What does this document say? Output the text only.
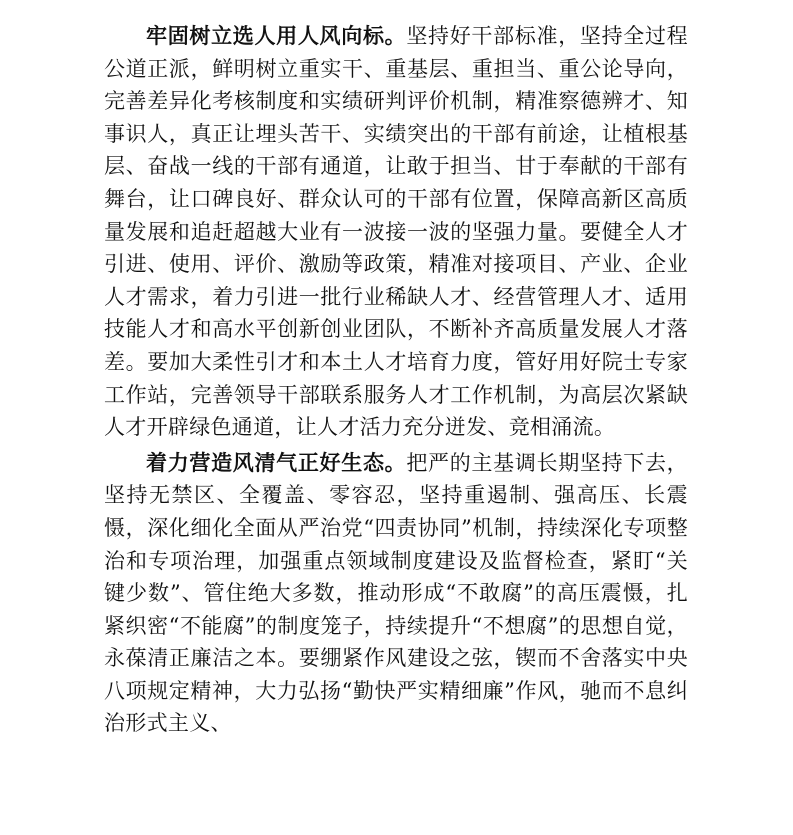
牢固树立选人用人风向标。坚持好干部标准，坚持全过程公道正派，鲜明树立重实干、重基层、重担当、重公论导向，完善差异化考核制度和实绩研判评价机制，精准察德辨才、知事识人，真正让埋头苦干、实绩突出的干部有前途，让植根基层、奋战一线的干部有通道，让敢于担当、甘于奉献的干部有舞台，让口碑良好、群众认可的干部有位置，保障高新区高质量发展和追赶超越大业有一波接一波的坚强力量。要健全人才引进、使用、评价、激励等政策，精准对接项目、产业、企业人才需求，着力引进一批行业稀缺人才、经营管理人才、适用技能人才和高水平创新创业团队，不断补齐高质量发展人才落差。要加大柔性引才和本土人才培育力度，管好用好院士专家工作站，完善领导干部联系服务人才工作机制，为高层次紧缺人才开辟绿色通道，让人才活力充分迸发、竞相涌流。

着力营造风清气正好生态。把严的主基调长期坚持下去，坚持无禁区、全覆盖、零容忍，坚持重遏制、强高压、长震慑，深化细化全面从严治党“四责协同”机制，持续深化专项整治和专项治理，加强重点领域制度建设及监督检查，紧盯“关键少数”、管住绝大多数，推动形成“不敢腐”的高压震慑，扎紧织密“不能腐”的制度笼子，持续提升“不想腐”的思想自觉，永葆清正廉洁之本。要绷紧作风建设之弦，锲而不舍落实中央八项规定精神，大力弘扬“勤快严实精细廉”作风，驰而不息纠治形式主义、
